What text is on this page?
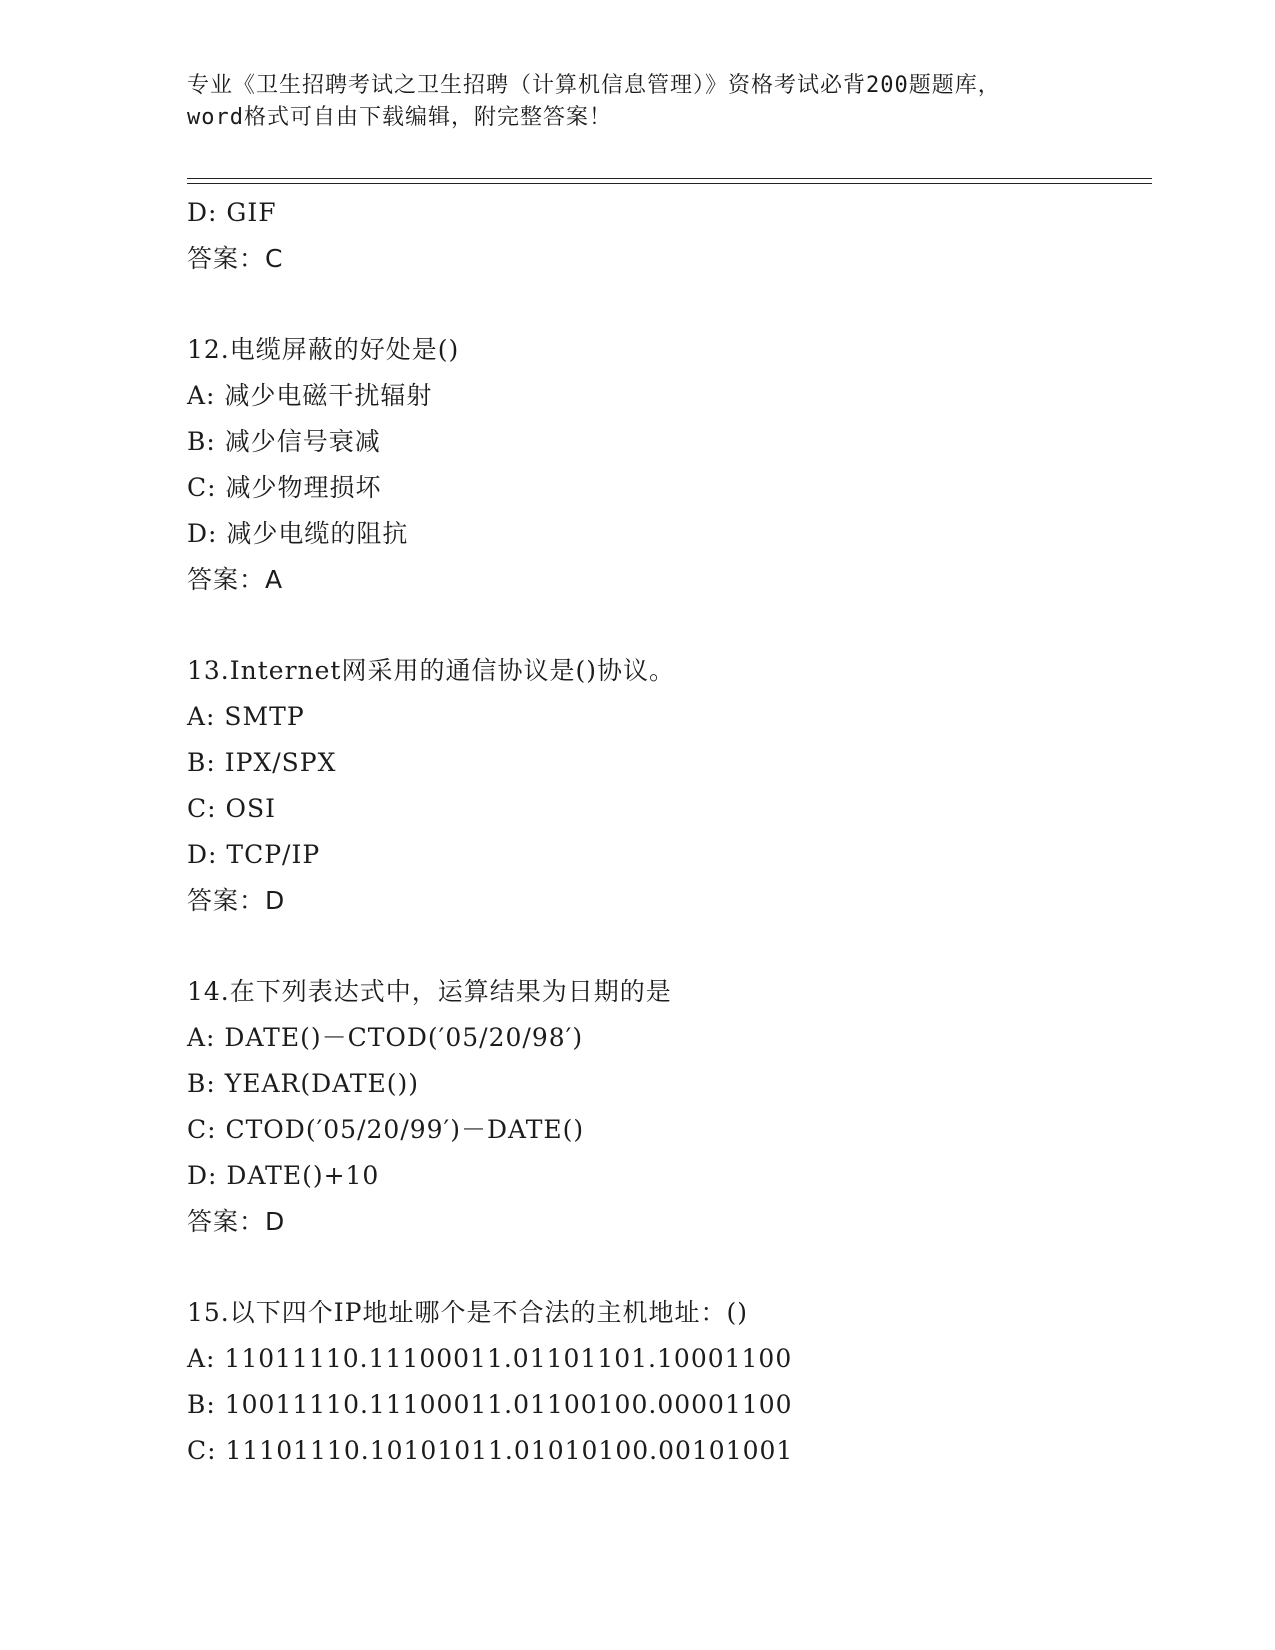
专业《卫生招聘考试之卫生招聘（计算机信息管理）》资格考试必背200题题库，

word格式可自由下载编辑，附完整答案！

D: GIF
答案：C
12.电缆屏蔽的好处是()
A: 减少电磁干扰辐射
B: 减少信号衰减
C: 减少物理损坏
D: 减少电缆的阻抗
答案：A
13.Internet网采用的通信协议是()协议。
A: SMTP
B: IPX/SPX
C: OSI
D: TCP/IP
答案：D
14.在下列表达式中，运算结果为日期的是
A: DATE()－CTOD(′05/20/98′)
B: YEAR(DATE())
C: CTOD(′05/20/99′)－DATE()
D: DATE()+10
答案：D
15.以下四个IP地址哪个是不合法的主机地址：()
A: 11011110.11100011.01101101.10001100
B: 10011110.11100011.01100100.00001100
C: 11101110.10101011.01010100.00101001
